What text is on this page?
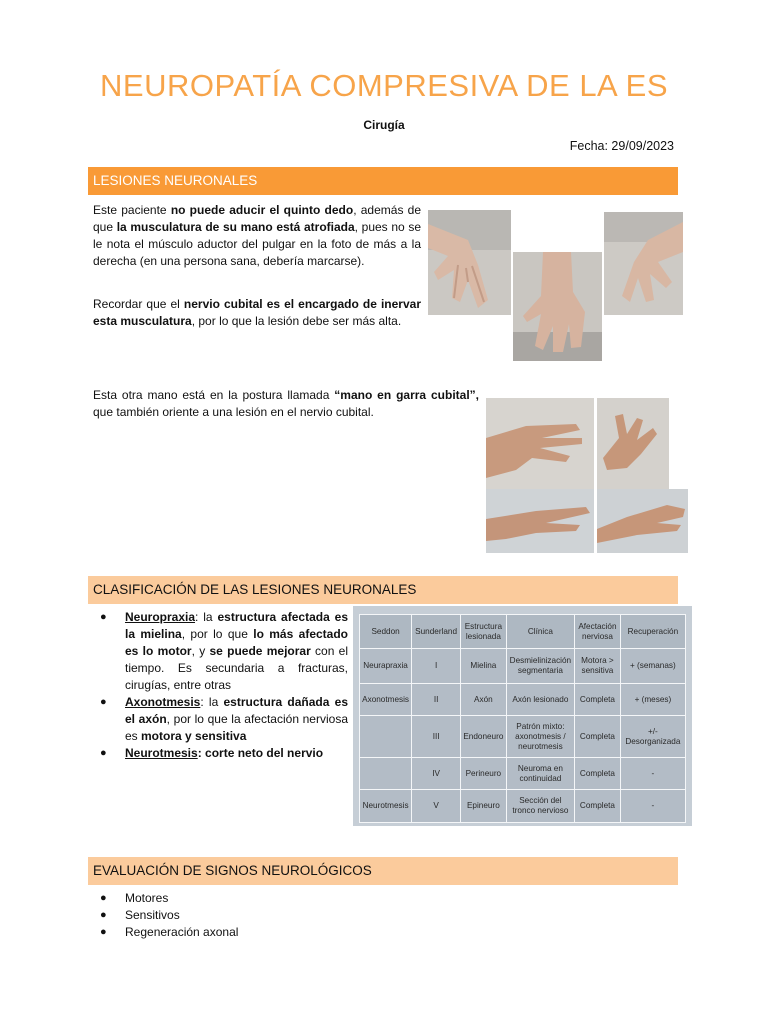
NEUROPATÍA COMPRESIVA DE LA ES
Cirugía
Fecha: 29/09/2023
LESIONES NEURONALES
Este paciente no puede aducir el quinto dedo, además de que la musculatura de su mano está atrofiada, pues no se le nota el músculo aductor del pulgar en la foto de más a la derecha (en una persona sana, debería marcarse).
Recordar que el nervio cubital es el encargado de inervar esta musculatura, por lo que la lesión debe ser más alta.
Esta otra mano está en la postura llamada “mano en garra cubital”, que también oriente a una lesión en el nervio cubital.
CLASIFICACIÓN DE LAS LESIONES NEURONALES
● Neuropraxia: la estructura afectada es la mielina, por lo que lo más afectado es lo motor, y se puede mejorar con el tiempo. Es secundaria a fracturas, cirugías, entre otras
● Axonotmesis: la estructura dañada es el axón, por lo que la afectación nerviosa es motora y sensitiva
● Neurotmesis: corte neto del nervio
Seddon	Sunderland	Estructura lesionada	Clínica	Afectación nerviosa	Recuperación
Neurapraxia	I	Mielina	Desmielinización segmentaria	Motora > sensitiva	+ (semanas)
Axonotmesis	II	Axón	Axón lesionado	Completa	+ (meses)
	III	Endoneuro	Patrón mixto: axonotmesis / neurotmesis	Completa	+/- Desorganizada
	IV	Perineuro	Neuroma en continuidad	Completa	-
Neurotmesis	V	Epineuro	Sección del tronco nervioso	Completa	-
EVALUACIÓN DE SIGNOS NEUROLÓGICOS
● Motores
● Sensitivos
● Regeneración axonal
